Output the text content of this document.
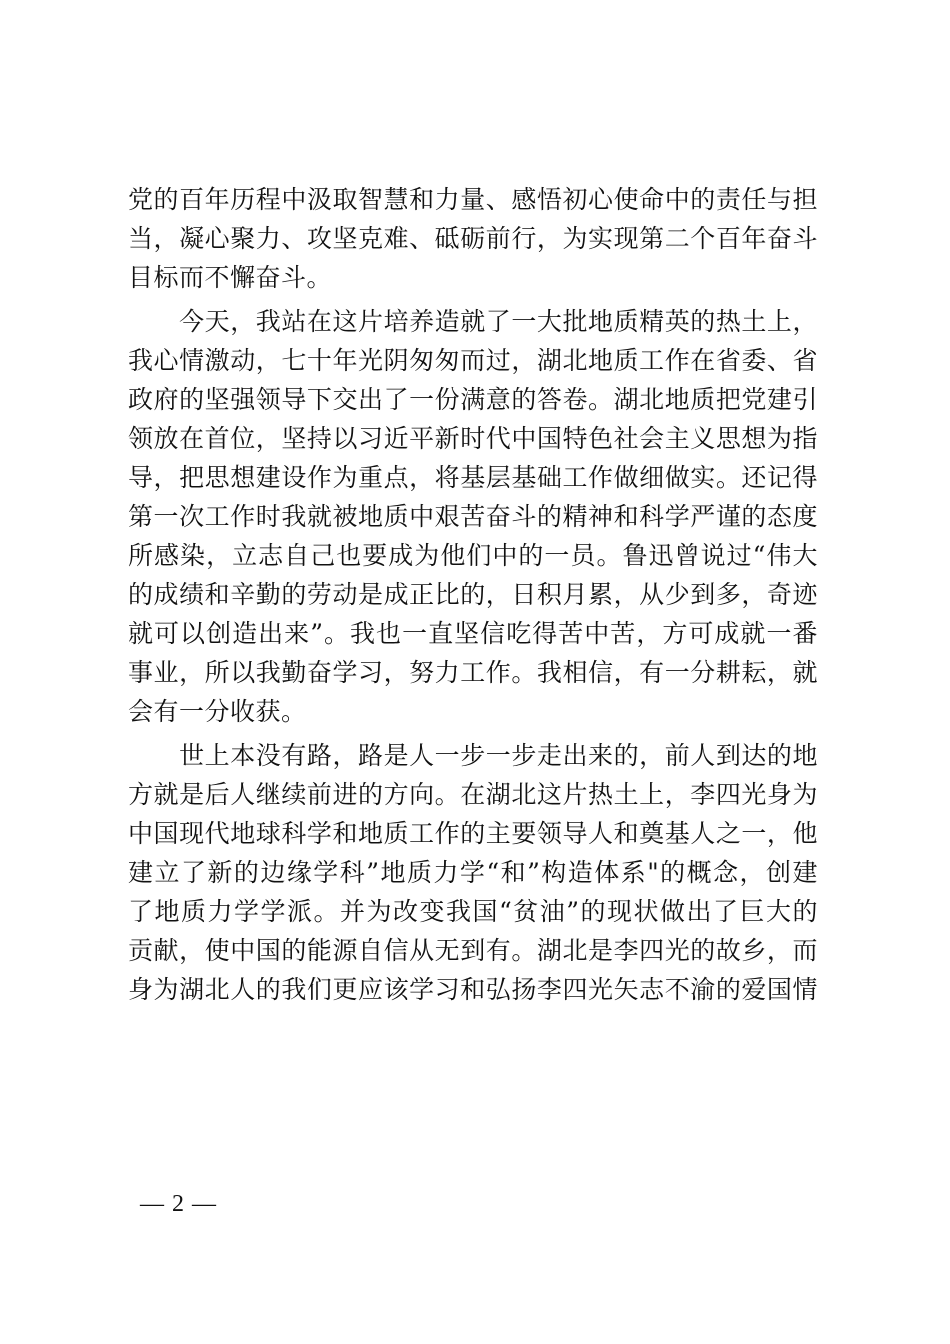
党的百年历程中汲取智慧和力量、感悟初心使命中的责任与担
当，凝心聚力、攻坚克难、砥砺前行，为实现第二个百年奋斗
目标而不懈奋斗。
　　今天，我站在这片培养造就了一大批地质精英的热土上，
我心情激动，七十年光阴匆匆而过，湖北地质工作在省委、省
政府的坚强领导下交出了一份满意的答卷。湖北地质把党建引
领放在首位，坚持以习近平新时代中国特色社会主义思想为指
导，把思想建设作为重点，将基层基础工作做细做实。还记得
第一次工作时我就被地质中艰苦奋斗的精神和科学严谨的态度
所感染，立志自己也要成为他们中的一员。鲁迅曾说过“伟大
的成绩和辛勤的劳动是成正比的，日积月累，从少到多，奇迹
就可以创造出来”。我也一直坚信吃得苦中苦，方可成就一番
事业，所以我勤奋学习，努力工作。我相信，有一分耕耘，就
会有一分收获。
　　世上本没有路，路是人一步一步走出来的，前人到达的地
方就是后人继续前进的方向。在湖北这片热土上，李四光身为
中国现代地球科学和地质工作的主要领导人和奠基人之一，他
建立了新的边缘学科”地质力学“和”构造体系"的概念，创建
了地质力学学派。并为改变我国“贫油”的现状做出了巨大的
贡献，使中国的能源自信从无到有。湖北是李四光的故乡，而
身为湖北人的我们更应该学习和弘扬李四光矢志不渝的爱国情
— 2 —
